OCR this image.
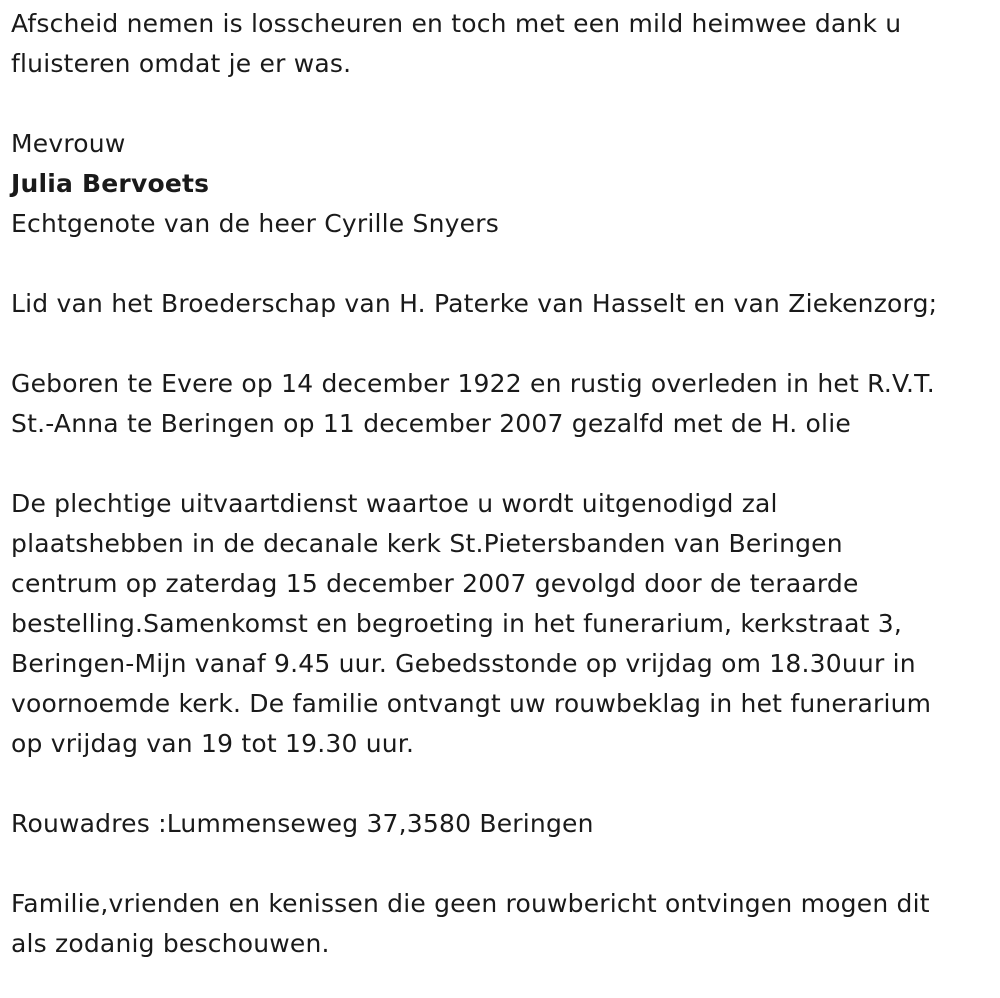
Afscheid nemen is losscheuren en toch met een mild heimwee dank u

fluisteren omdat je er was.

Mevrouw

Julia Bervoets

Echtgenote van de heer Cyrille Snyers

Lid van het Broederschap van H. Paterke van Hasselt en van Ziekenzorg;

Geboren te Evere op 14 december 1922 en rustig overleden in het R.V.T.

St.-Anna te Beringen op 11 december 2007 gezalfd met de H. olie

De plechtige uitvaartdienst waartoe u wordt uitgenodigd zal

plaatshebben in de decanale kerk St.Pietersbanden van Beringen

centrum op zaterdag 15 december 2007 gevolgd door de teraarde

bestelling.Samenkomst en begroeting in het funerarium, kerkstraat 3,

Beringen-Mijn vanaf 9.45 uur. Gebedsstonde op vrijdag om 18.30uur in

voornoemde kerk. De familie ontvangt uw rouwbeklag in het funerarium

op vrijdag van 19 tot 19.30 uur.

Rouwadres :Lummenseweg 37,3580 Beringen

Familie,vrienden en kenissen die geen rouwbericht ontvingen mogen dit

als zodanig beschouwen.
